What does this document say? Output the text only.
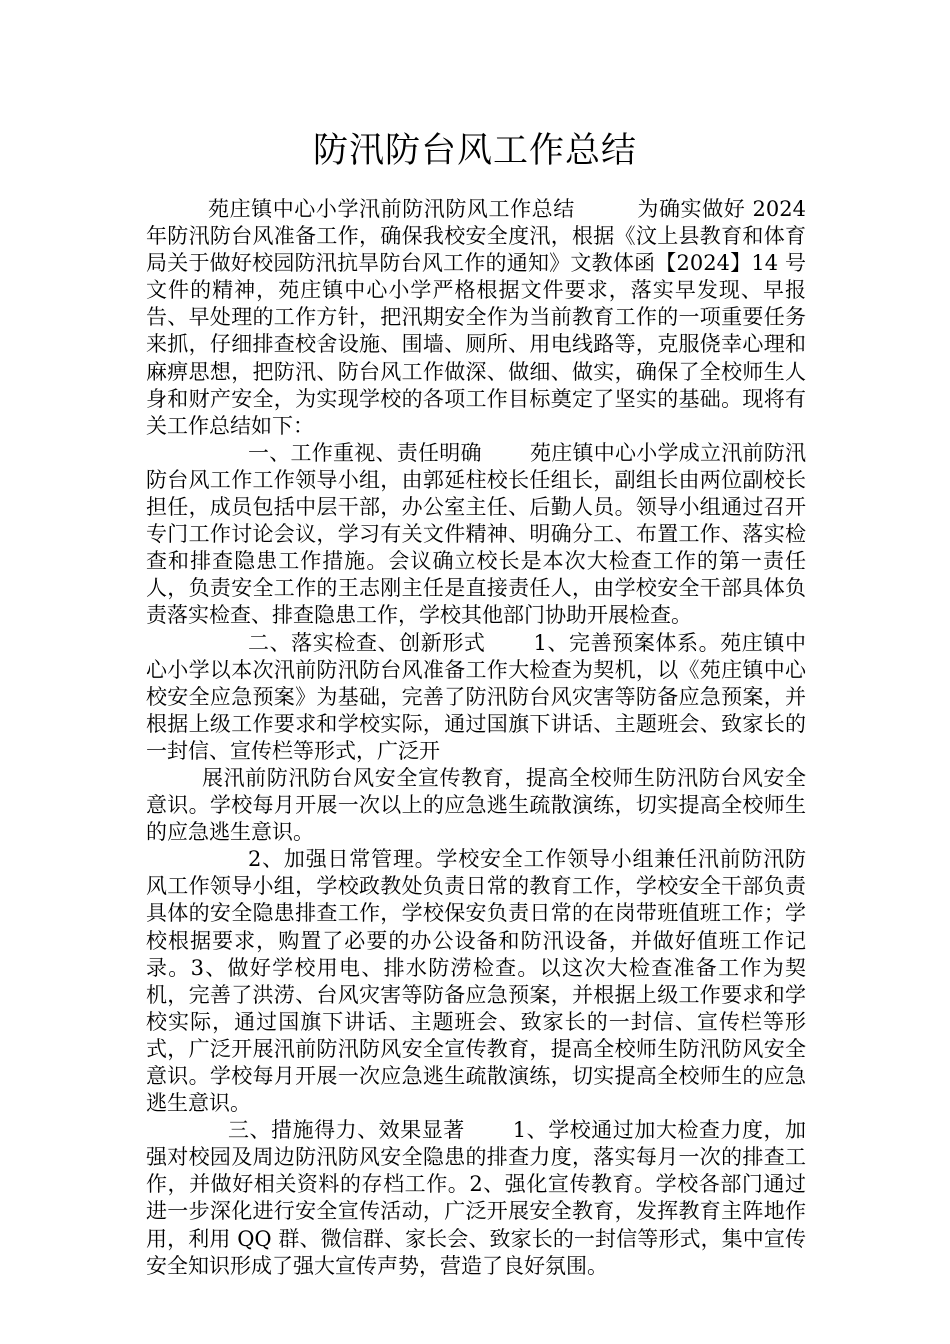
防汛防台风工作总结

苑庄镇中心小学汛前防汛防风工作总结	为确实做好 2024 年防汛防台风准备工作，确保我校安全度汛，根据《汶上县教育和体育局关于做好校园防汛抗旱防台风工作的通知》文教体函【2024】14 号文件的精神，苑庄镇中心小学严格根据文件要求，落实早发现、早报告、早处理的工作方针，把汛期安全作为当前教育工作的一项重要任务来抓，仔细排查校舍设施、围墙、厕所、用电线路等，克服侥幸心理和麻痹思想，把防汛、防台风工作做深、做细、做实，确保了全校师生人身和财产安全，为实现学校的各项工作目标奠定了坚实的基础。现将有关工作总结如下：

一、工作重视、责任明确 苑庄镇中心小学成立汛前防汛防台风工作工作领导小组，由郭延柱校长任组长，副组长由两位副校长担任，成员包括中层干部，办公室主任、后勤人员。领导小组通过召开专门工作讨论会议，学习有关文件精神、明确分工、布置工作、落实检查和排查隐患工作措施。会议确立校长是本次大检查工作的第一责任人，负责安全工作的王志刚主任是直接责任人，由学校安全干部具体负责落实检查、排查隐患工作，学校其他部门协助开展检查。

二、落实检查、创新形式 1、完善预案体系。苑庄镇中心小学以本次汛前防汛防台风准备工作大检查为契机，以《苑庄镇中心校安全应急预案》为基础，完善了防汛防台风灾害等防备应急预案，并根据上级工作要求和学校实际，通过国旗下讲话、主题班会、致家长的一封信、宣传栏等形式，广泛开

展汛前防汛防台风安全宣传教育，提高全校师生防汛防台风安全意识。学校每月开展一次以上的应急逃生疏散演练，切实提高全校师生的应急逃生意识。

2、加强日常管理。学校安全工作领导小组兼任汛前防汛防风工作领导小组，学校政教处负责日常的教育工作，学校安全干部负责具体的安全隐患排查工作，学校保安负责日常的在岗带班值班工作；学校根据要求，购置了必要的办公设备和防汛设备，并做好值班工作记录。3、做好学校用电、排水防涝检查。以这次大检查准备工作为契机，完善了洪涝、台风灾害等防备应急预案，并根据上级工作要求和学校实际，通过国旗下讲话、主题班会、致家长的一封信、宣传栏等形式，广泛开展汛前防汛防风安全宣传教育，提高全校师生防汛防风安全意识。学校每月开展一次应急逃生疏散演练，切实提高全校师生的应急逃生意识。

三、措施得力、效果显著 1、学校通过加大检查力度，加强对校园及周边防汛防风安全隐患的排查力度，落实每月一次的排查工作，并做好相关资料的存档工作。2、强化宣传教育。学校各部门通过进一步深化进行安全宣传活动，广泛开展安全教育，发挥教育主阵地作用，利用 QQ 群、微信群、家长会、致家长的一封信等形式，集中宣传安全知识形成了强大宣传声势，营造了良好氛围。
